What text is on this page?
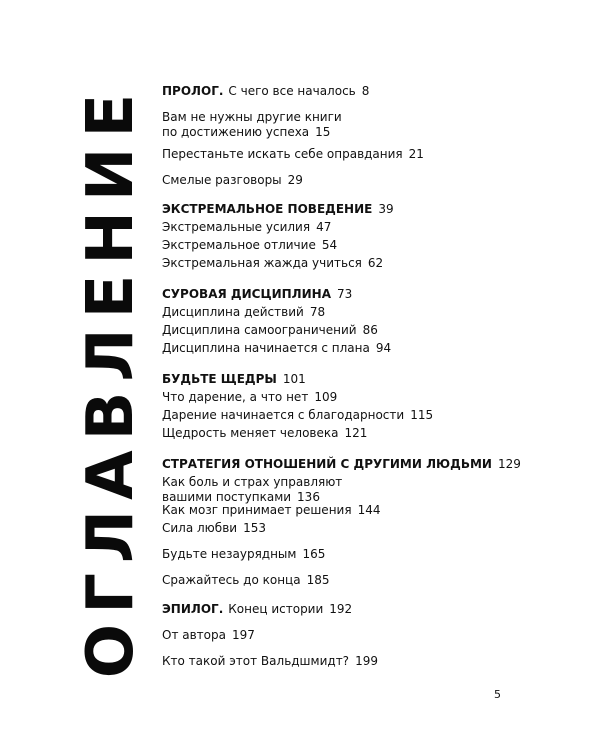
ОГЛАВЛЕНИЕ ПРОЛОГ. С чего все началось 8
Вам не нужны другие книги
по достижению успеха 15
Перестаньте искать себе оправдания 21
Смелые разговоры 29
ЭКСТРЕМАЛЬНОЕ ПОВЕДЕНИЕ 39
Экстремальные усилия 47
Экстремальное отличие 54
Экстремальная жажда учиться 62
СУРОВАЯ ДИСЦИПЛИНА 73
Дисциплина действий 78
Дисциплина самоограничений 86
Дисциплина начинается с плана 94
БУДЬТЕ ЩЕДРЫ 101
Что дарение, а что нет 109
Дарение начинается с благодарности 115
Щедрость меняет человека 121
СТРАТЕГИЯ ОТНОШЕНИЙ С ДРУГИМИ ЛЮДЬМИ 129
Как боль и страх управляют
вашими поступками 136
Как мозг принимает решения 144
Сила любви 153
Будьте незаурядным 165
Сражайтесь до конца 185
ЭПИЛОГ. Конец истории 192
От автора 197
Кто такой этот Вальдшмидт? 199
5
